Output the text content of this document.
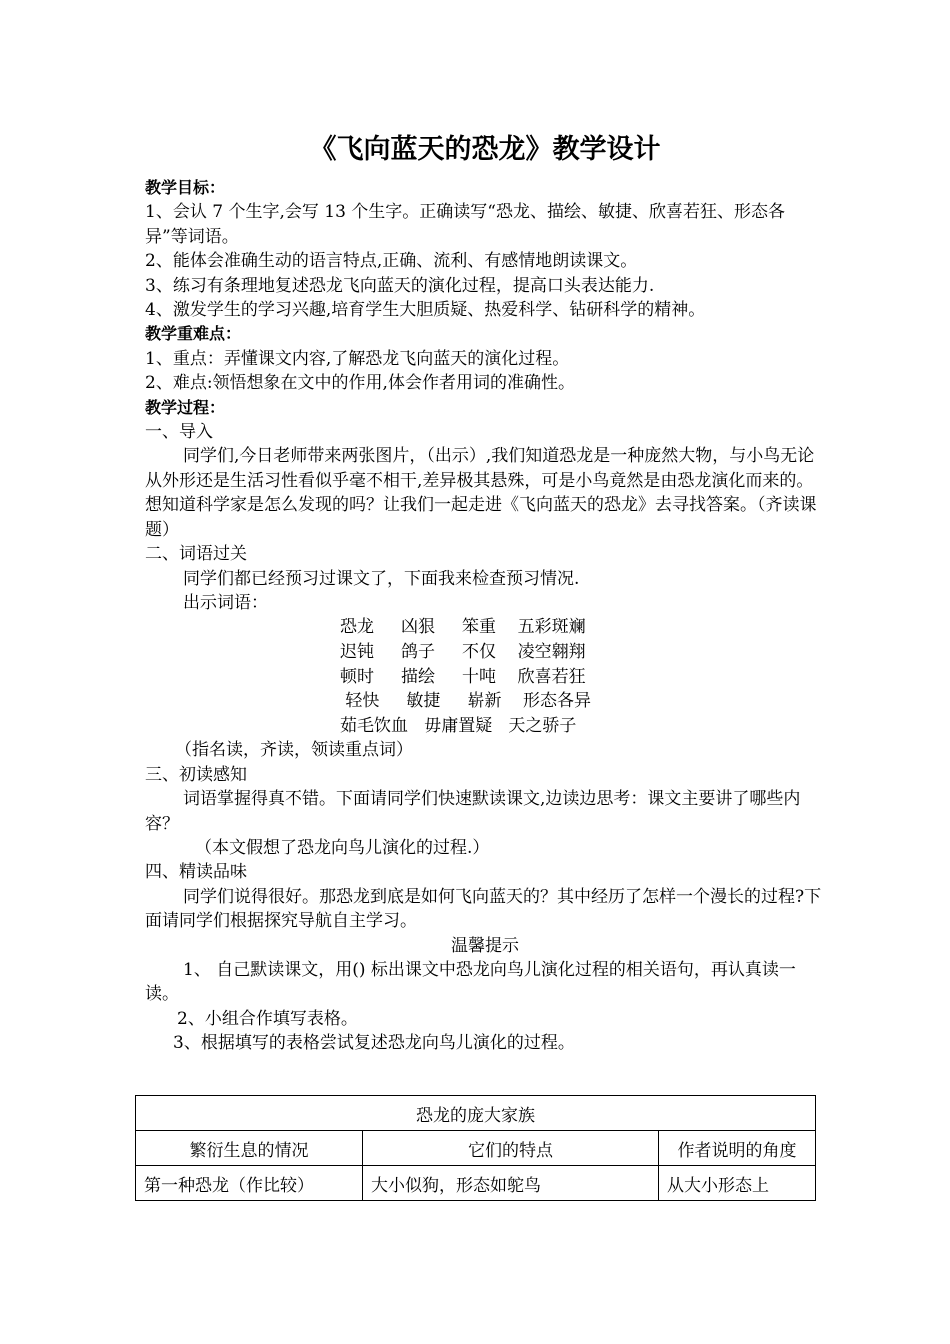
《飞向蓝天的恐龙》教学设计
教学目标：
1、会认 7 个生字,会写 13 个生字。正确读写“恐龙、描绘、敏捷、欣喜若狂、形态各异”等词语。
2、能体会准确生动的语言特点,正确、流利、有感情地朗读课文。
3、练习有条理地复述恐龙飞向蓝天的演化过程，提高口头表达能力.
4、激发学生的学习兴趣,培育学生大胆质疑、热爱科学、钻研科学的精神。
教学重难点：
1、重点：弄懂课文内容,了解恐龙飞向蓝天的演化过程。
2、难点:领悟想象在文中的作用,体会作者用词的准确性。
教学过程：
一、导入
同学们,今日老师带来两张图片，（出示）,我们知道恐龙是一种庞然大物，与小鸟无论从外形还是生活习性看似乎毫不相干,差异极其悬殊，可是小鸟竟然是由恐龙演化而来的。想知道科学家是怎么发现的吗？让我们一起走进《飞向蓝天的恐龙》去寻找答案。（齐读课题）
二、词语过关
同学们都已经预习过课文了，下面我来检查预习情况.
出示词语：
恐龙     凶狠     笨重    五彩斑斓
迟钝     鸽子     不仅    凌空翱翔
顿时     描绘     十吨    欣喜若狂
轻快     敏捷     崭新    形态各异
茹毛饮血   毋庸置疑   天之骄子
（指名读，齐读，领读重点词）
三、初读感知
词语掌握得真不错。下面请同学们快速默读课文,边读边思考：课文主要讲了哪些内容？
（本文假想了恐龙向鸟儿演化的过程.）
四、精读品味
同学们说得很好。那恐龙到底是如何飞向蓝天的？其中经历了怎样一个漫长的过程?下面请同学们根据探究导航自主学习。
温馨提示
1、 自己默读课文，用() 标出课文中恐龙向鸟儿演化过程的相关语句，再认真读一读。
2、小组合作填写表格。
3、根据填写的表格尝试复述恐龙向鸟儿演化的过程。
恐龙的庞大家族		
繁衍生息的情况	它们的特点	作者说明的角度
第一种恐龙（作比较）	大小似狗，形态如鸵鸟	从大小形态上
